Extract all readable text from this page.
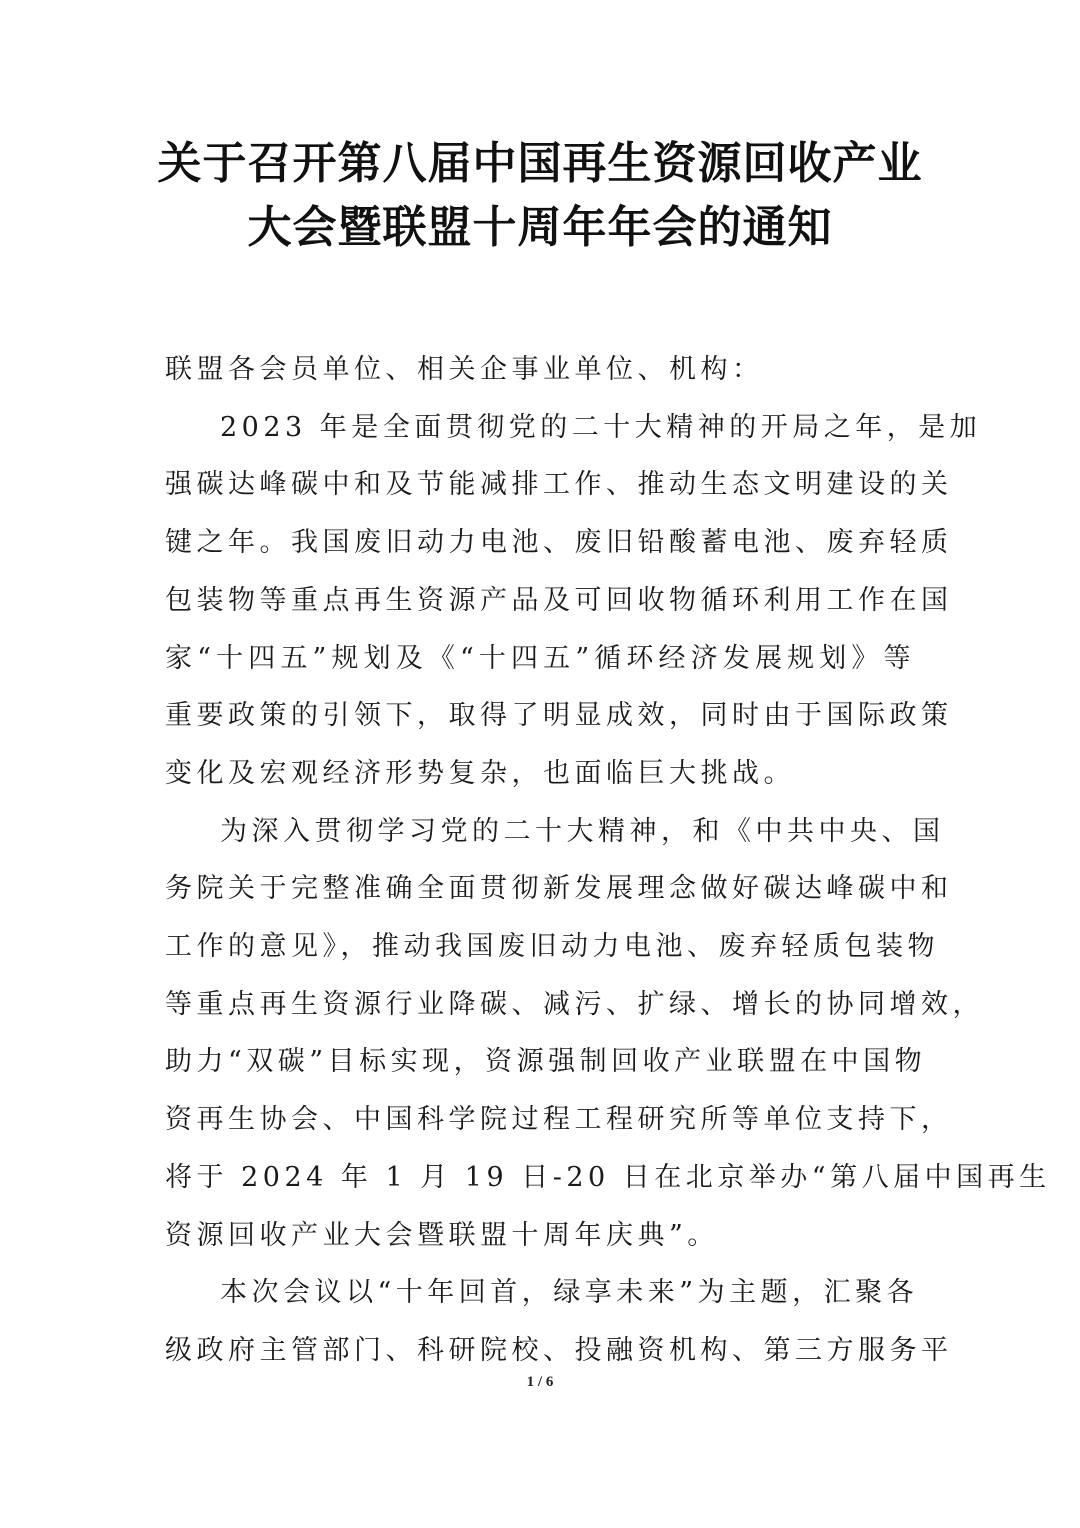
关于召开第八届中国再生资源回收产业
大会暨联盟十周年年会的通知
联盟各会员单位、相关企事业单位、机构：
2023 年是全面贯彻党的二十大精神的开局之年，是加
强碳达峰碳中和及节能减排工作、推动生态文明建设的关
键之年。我国废旧动力电池、废旧铅酸蓄电池、废弃轻质
包装物等重点再生资源产品及可回收物循环利用工作在国
家“十四五”规划及《“十四五”循环经济发展规划》等
重要政策的引领下，取得了明显成效，同时由于国际政策
变化及宏观经济形势复杂，也面临巨大挑战。
为深入贯彻学习党的二十大精神，和《中共中央、国
务院关于完整准确全面贯彻新发展理念做好碳达峰碳中和
工作的意见》，推动我国废旧动力电池、废弃轻质包装物
等重点再生资源行业降碳、减污、扩绿、增长的协同增效，
助力“双碳”目标实现，资源强制回收产业联盟在中国物
资再生协会、中国科学院过程工程研究所等单位支持下，
将于 2024 年 1 月 19 日-20 日在北京举办“第八届中国再生
资源回收产业大会暨联盟十周年庆典”。
本次会议以“十年回首，绿享未来”为主题，汇聚各
级政府主管部门、科研院校、投融资机构、第三方服务平
1 / 6
